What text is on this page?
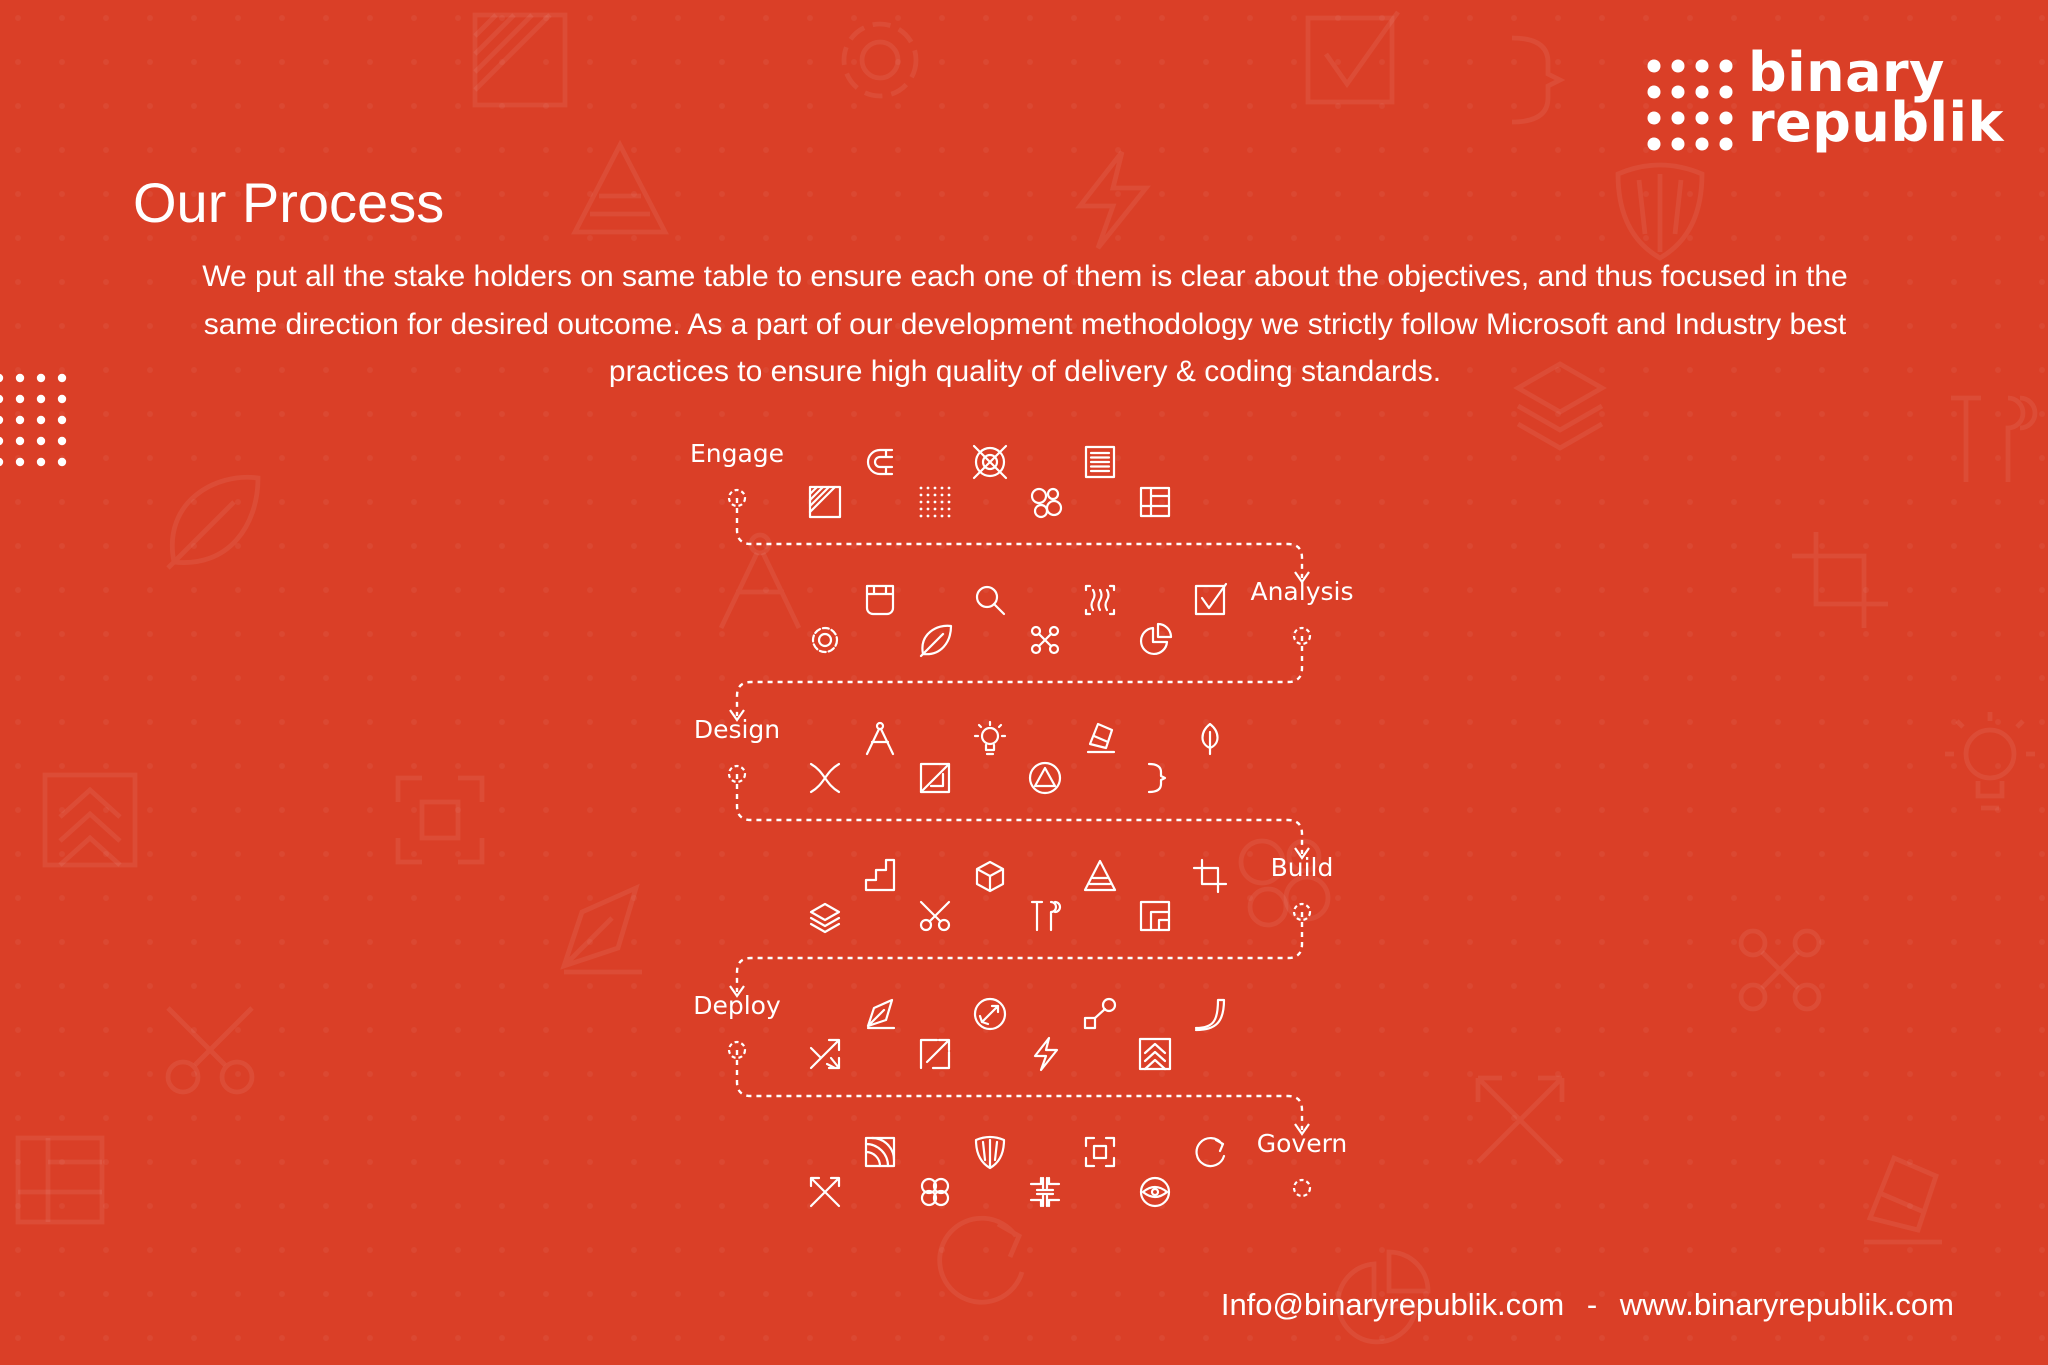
binary
republik
Our Process

We put all the stake holders on same table to ensure each one of them is clear about the objectives, and thus focused in the same direction for desired outcome. As a part of our development methodology we strictly follow Microsoft and Industry best practices to ensure high quality of delivery & coding standards.

Engage
Analysis
Design
Build
Deploy
Govern
Info@binaryrepublik.com - www.binaryrepublik.com
